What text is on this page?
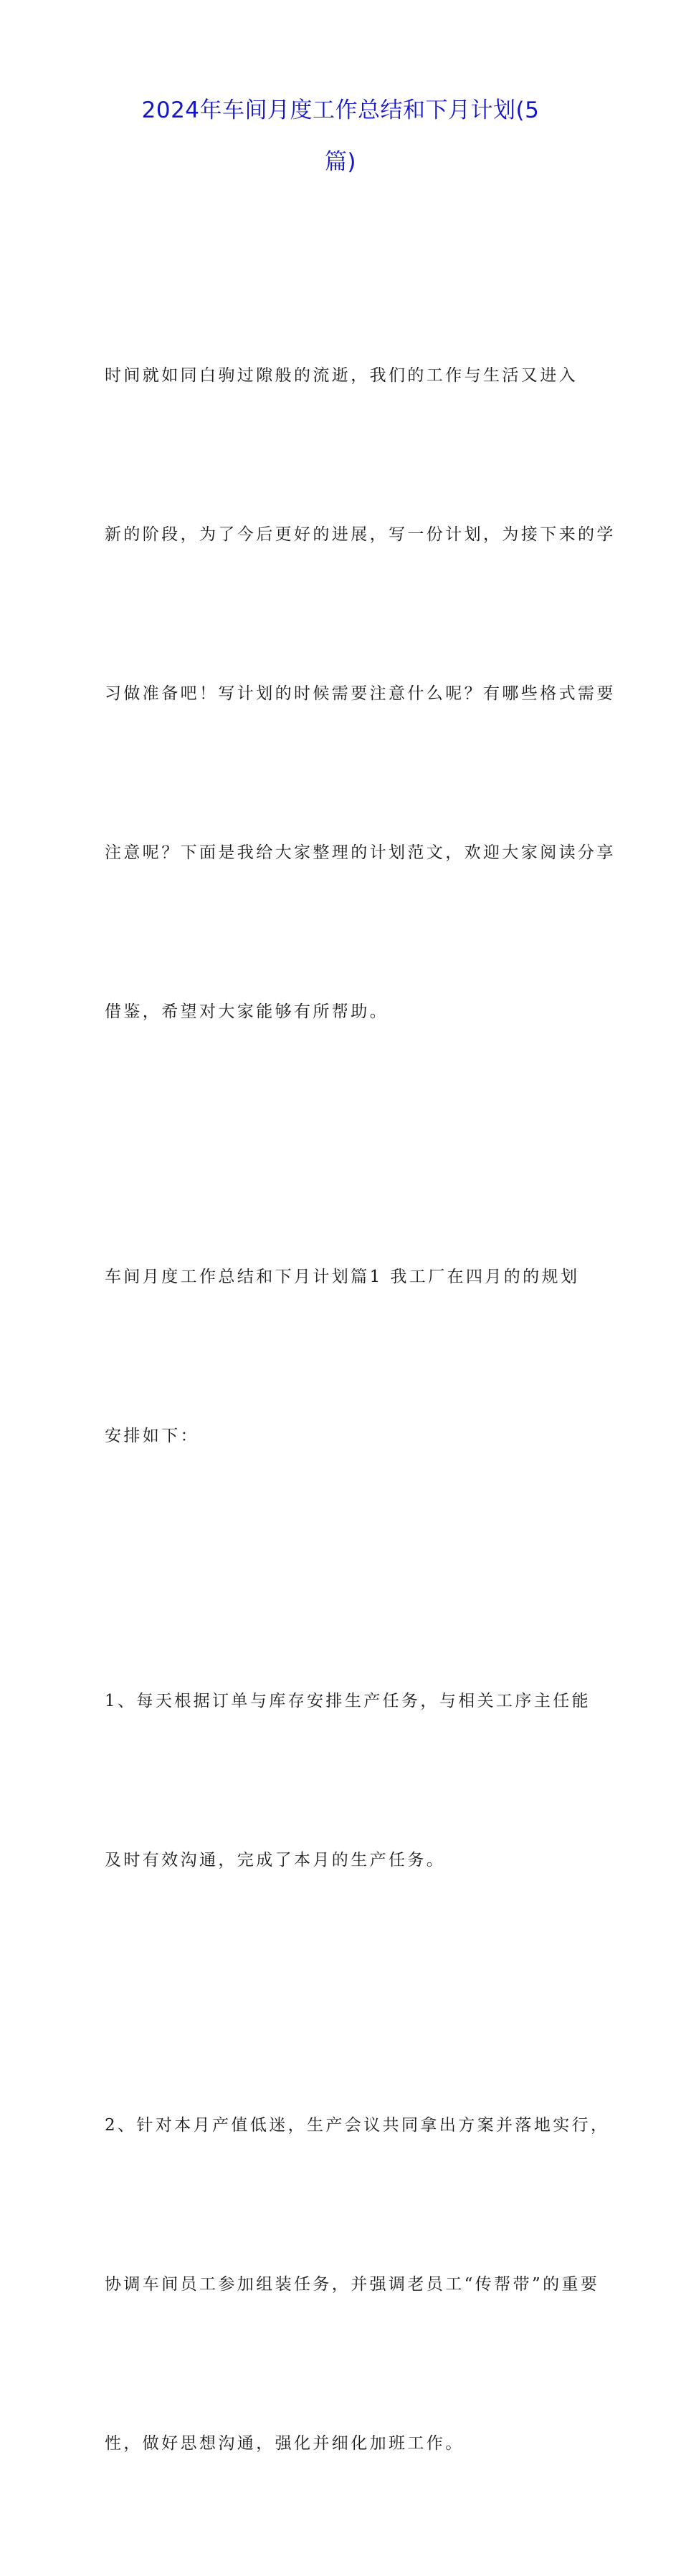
2024年车间月度工作总结和下月计划(5
篇)

时间就如同白驹过隙般的流逝，我们的工作与生活又进入

新的阶段，为了今后更好的进展，写一份计划，为接下来的学

习做准备吧！写计划的时候需要注意什么呢？有哪些格式需要

注意呢？下面是我给大家整理的计划范文，欢迎大家阅读分享

借鉴，希望对大家能够有所帮助。

车间月度工作总结和下月计划篇1 我工厂在四月的的规划

安排如下：

1、每天根据订单与库存安排生产任务，与相关工序主任能

及时有效沟通，完成了本月的生产任务。

2、针对本月产值低迷，生产会议共同拿出方案并落地实行，

协调车间员工参加组装任务，并强调老员工“传帮带”的重要

性，做好思想沟通，强化并细化加班工作。
